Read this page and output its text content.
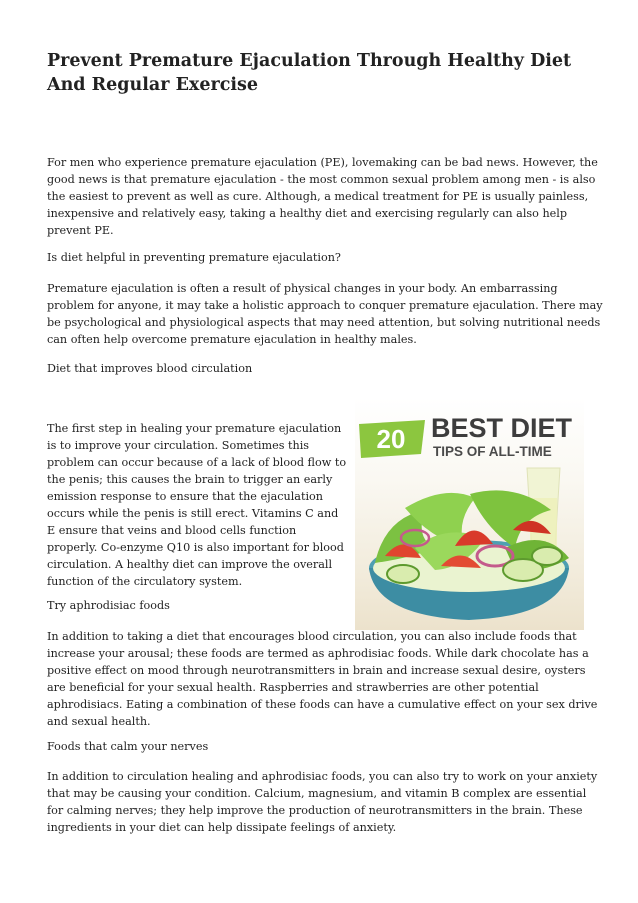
Prevent Premature Ejaculation Through Healthy Diet And Regular Exercise

For men who experience premature ejaculation (PE), lovemaking can be bad news. However, the good news is that premature ejaculation - the most common sexual problem among men - is also the easiest to prevent as well as cure. Although, a medical treatment for PE is usually painless, inexpensive and relatively easy, taking a healthy diet and exercising regularly can also help prevent PE.

Is diet helpful in preventing premature ejaculation?

Premature ejaculation is often a result of physical changes in your body. An embarrassing problem for anyone, it may take a holistic approach to conquer premature ejaculation. There may be psychological and physiological aspects that may need attention, but solving nutritional needs can often help overcome premature ejaculation in healthy males.

Diet that improves blood circulation

The first step in healing your premature ejaculation is to improve your circulation. Sometimes this problem can occur because of a lack of blood flow to the penis; this causes the brain to trigger an early emission response to ensure that the ejaculation occurs while the penis is still erect. Vitamins C and E ensure that veins and blood cells function properly. Co-enzyme Q10 is also important for blood circulation. A healthy diet can improve the overall function of the circulatory system.

Try aphrodisiac foods

In addition to taking a diet that encourages blood circulation, you can also include foods that increase your arousal; these foods are termed as aphrodisiac foods. While dark chocolate has a positive effect on mood through neurotransmitters in brain and increase sexual desire, oysters are beneficial for your sexual health. Raspberries and strawberries are other potential aphrodisiacs. Eating a combination of these foods can have a cumulative effect on your sex drive and sexual health.

Foods that calm your nerves

In addition to circulation healing and aphrodisiac foods, you can also try to work on your anxiety that may be causing your condition. Calcium, magnesium, and vitamin B complex are essential for calming nerves; they help improve the production of neurotransmitters in the brain. These ingredients in your diet can help dissipate feelings of anxiety.

20 BEST DIET
TIPS OF ALL-TIME
